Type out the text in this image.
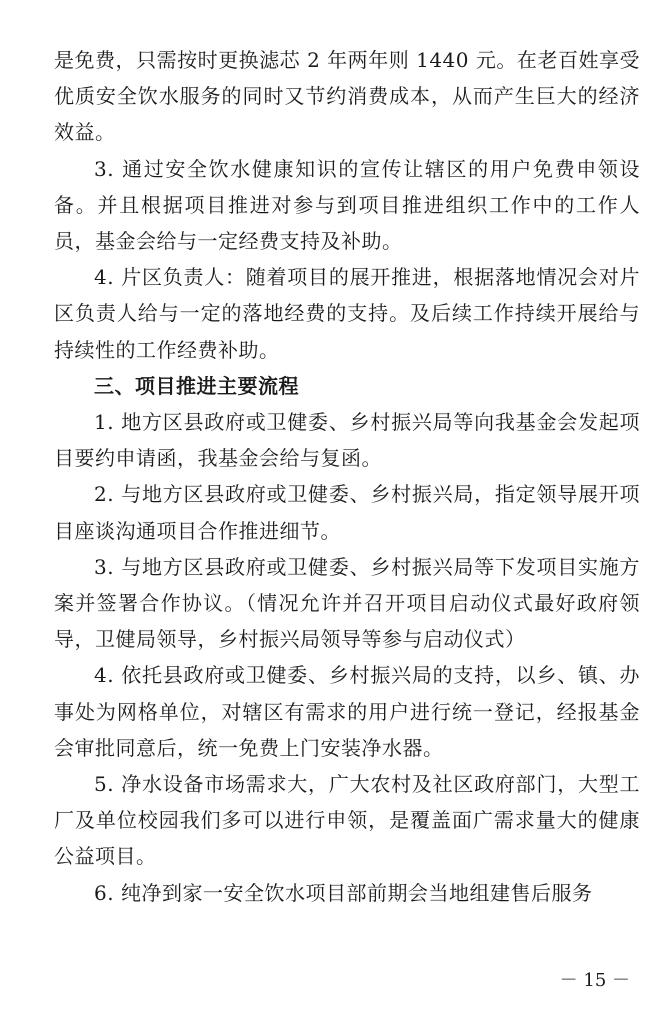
是免费，只需按时更换滤芯 2 年两年则 1440 元。在老百姓享受优质安全饮水服务的同时又节约消费成本，从而产生巨大的经济效益。

3. 通过安全饮水健康知识的宣传让辖区的用户免费申领设备。并且根据项目推进对参与到项目推进组织工作中的工作人员，基金会给与一定经费支持及补助。

4. 片区负责人：随着项目的展开推进，根据落地情况会对片区负责人给与一定的落地经费的支持。及后续工作持续开展给与持续性的工作经费补助。

三、项目推进主要流程

1. 地方区县政府或卫健委、乡村振兴局等向我基金会发起项目要约申请函，我基金会给与复函。

2. 与地方区县政府或卫健委、乡村振兴局，指定领导展开项目座谈沟通项目合作推进细节。

3. 与地方区县政府或卫健委、乡村振兴局等下发项目实施方案并签署合作协议。（情况允许并召开项目启动仪式最好政府领导，卫健局领导，乡村振兴局领导等参与启动仪式）

4. 依托县政府或卫健委、乡村振兴局的支持，以乡、镇、办事处为网格单位，对辖区有需求的用户进行统一登记，经报基金会审批同意后，统一免费上门安装净水器。

5. 净水设备市场需求大，广大农村及社区政府部门，大型工厂及单位校园我们多可以进行申领，是覆盖面广需求量大的健康公益项目。

6. 纯净到家一安全饮水项目部前期会当地组建售后服务

－ 15 －
